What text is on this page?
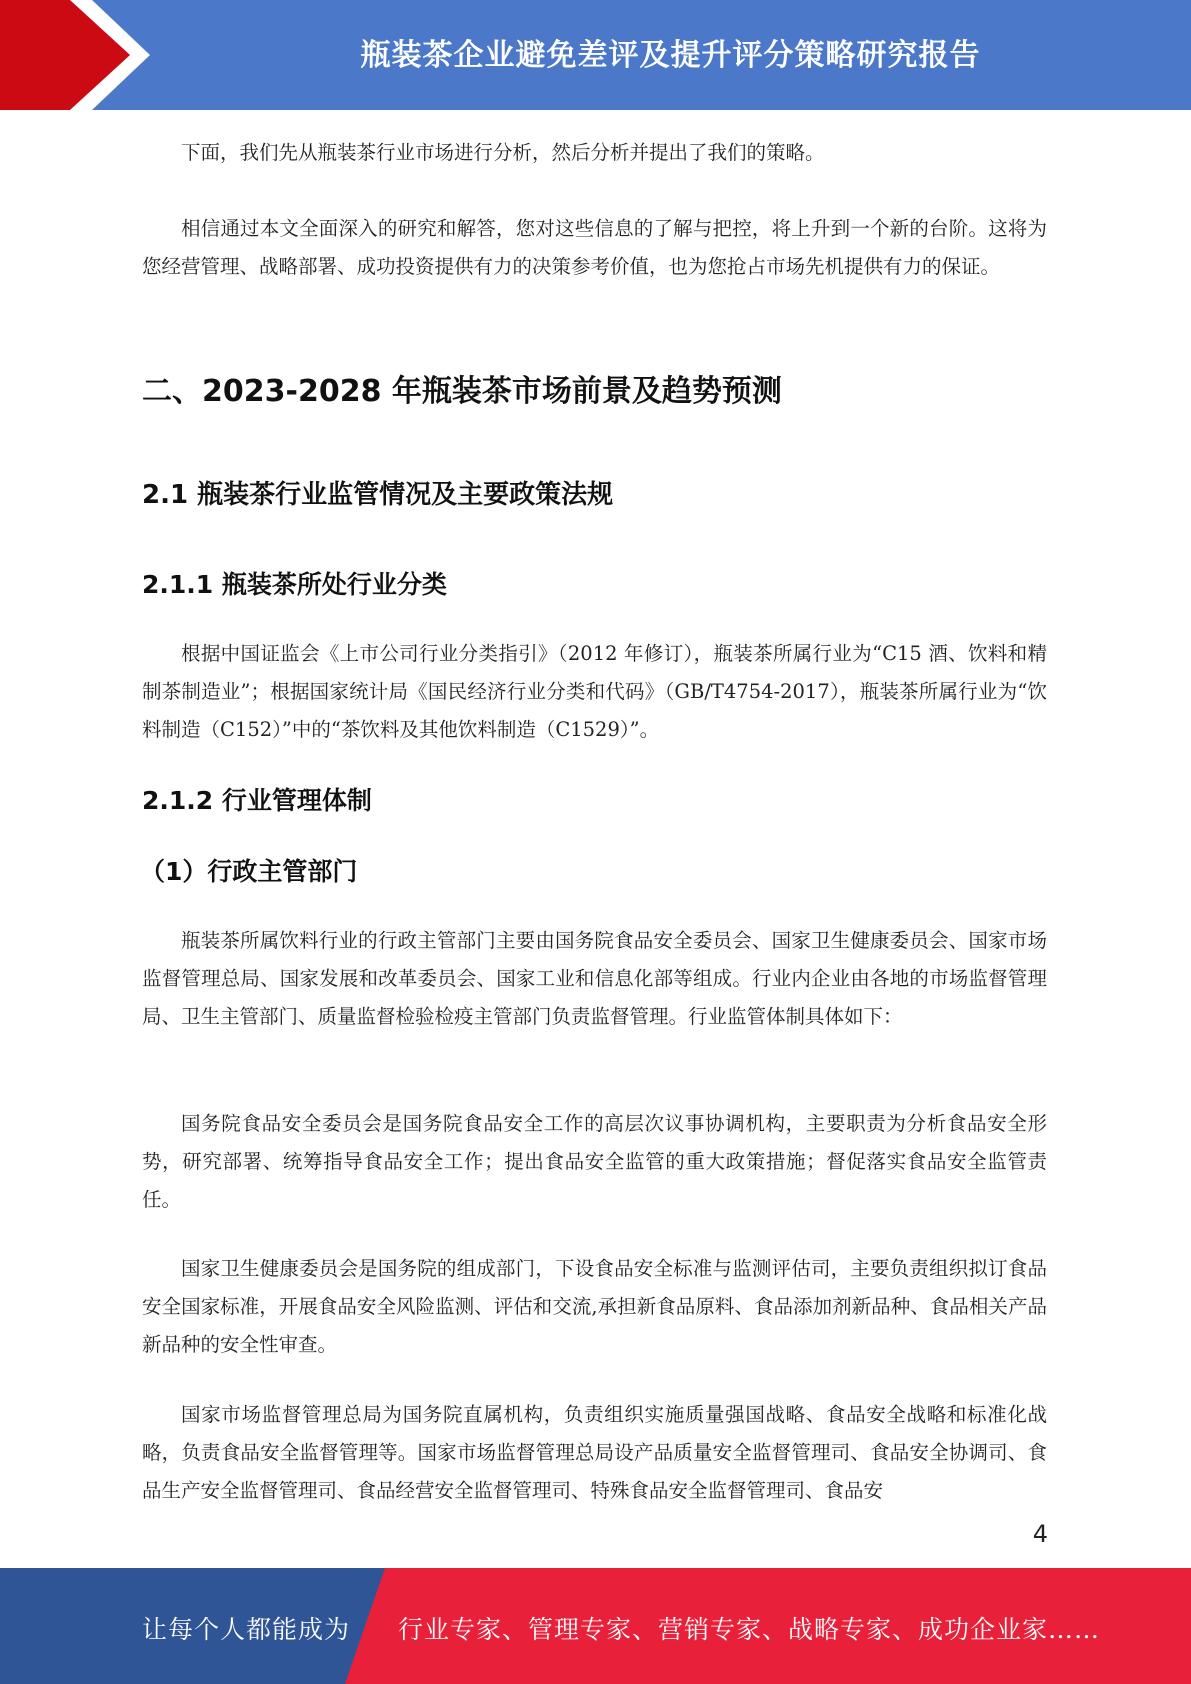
瓶装茶企业避免差评及提升评分策略研究报告

下面，我们先从瓶装茶行业市场进行分析，然后分析并提出了我们的策略。

相信通过本文全面深入的研究和解答，您对这些信息的了解与把控，将上升到一个新的台阶。这将为您经营管理、战略部署、成功投资提供有力的决策参考价值，也为您抢占市场先机提供有力的保证。

二、2023-2028 年瓶装茶市场前景及趋势预测
2.1 瓶装茶行业监管情况及主要政策法规
2.1.1 瓶装茶所处行业分类

根据中国证监会《上市公司行业分类指引》（2012 年修订），瓶装茶所属行业为“C15 酒、饮料和精制茶制造业”；根据国家统计局《国民经济行业分类和代码》（GB/T4754-2017），瓶装茶所属行业为“饮料制造（C152）”中的“茶饮料及其他饮料制造（C1529）”。

2.1.2 行业管理体制
（1）行政主管部门

瓶装茶所属饮料行业的行政主管部门主要由国务院食品安全委员会、国家卫生健康委员会、国家市场监督管理总局、国家发展和改革委员会、国家工业和信息化部等组成。行业内企业由各地的市场监督管理局、卫生主管部门、质量监督检验检疫主管部门负责监督管理。行业监管体制具体如下：

国务院食品安全委员会是国务院食品安全工作的高层次议事协调机构，主要职责为分析食品安全形势，研究部署、统筹指导食品安全工作；提出食品安全监管的重大政策措施；督促落实食品安全监管责任。

国家卫生健康委员会是国务院的组成部门，下设食品安全标准与监测评估司，主要负责组织拟订食品安全国家标准，开展食品安全风险监测、评估和交流,承担新食品原料、食品添加剂新品种、食品相关产品新品种的安全性审查。

国家市场监督管理总局为国务院直属机构，负责组织实施质量强国战略、食品安全战略和标准化战略，负责食品安全监督管理等。国家市场监督管理总局设产品质量安全监督管理司、食品安全协调司、食品生产安全监督管理司、食品经营安全监督管理司、特殊食品安全监督管理司、食品安

4
让每个人都能成为 行业专家、管理专家、营销专家、战略专家、成功企业家……
